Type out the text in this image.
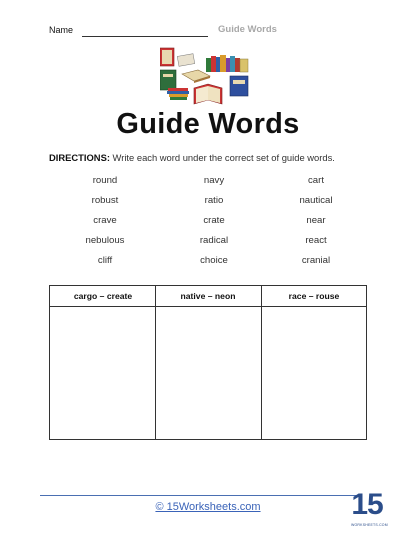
Name	Guide Words
Guide Words
DIRECTIONS: Write each word under the correct set of guide words.
round	navy	cart
robust	ratio	nautical
crave	crate	near
nebulous	radical	react
cliff	choice	cranial
cargo – create	native – neon	race – rouse
© 15Worksheets.com	15
WORKSHEETS.COM
